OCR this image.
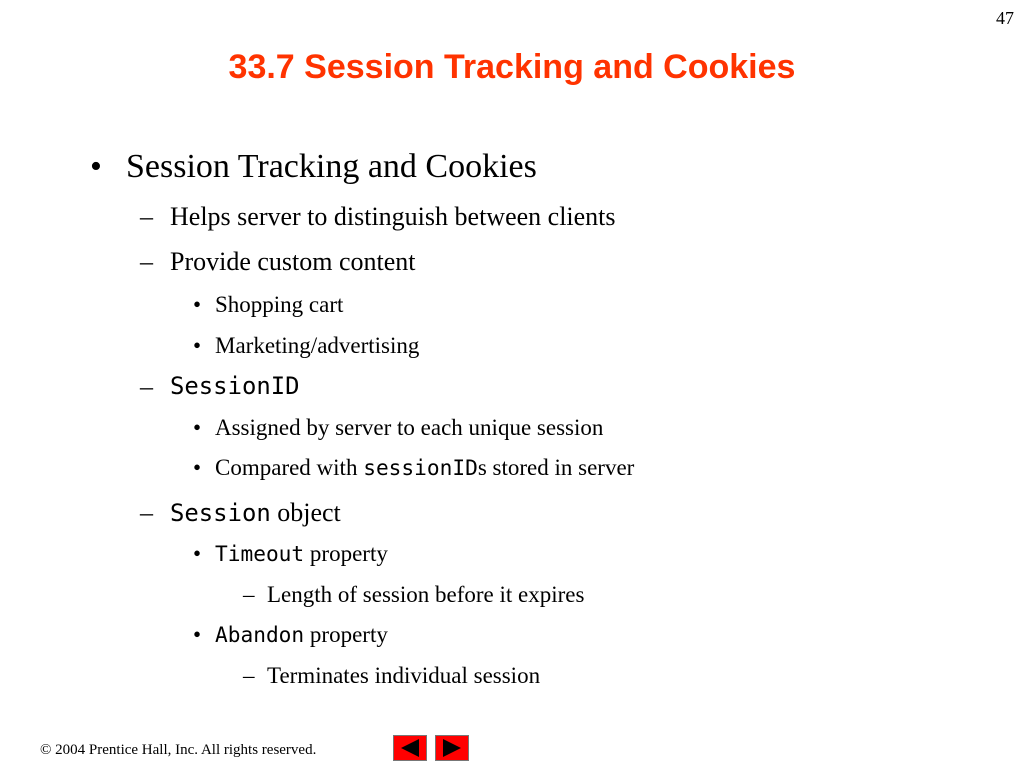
47
33.7 Session Tracking and Cookies
• Session Tracking and Cookies
– Helps server to distinguish between clients
– Provide custom content
• Shopping cart
• Marketing/advertising
– SessionID
• Assigned by server to each unique session
• Compared with sessionIDs stored in server
– Session object
• Timeout property
– Length of session before it expires
• Abandon property
– Terminates individual session
© 2004 Prentice Hall, Inc. All rights reserved.
